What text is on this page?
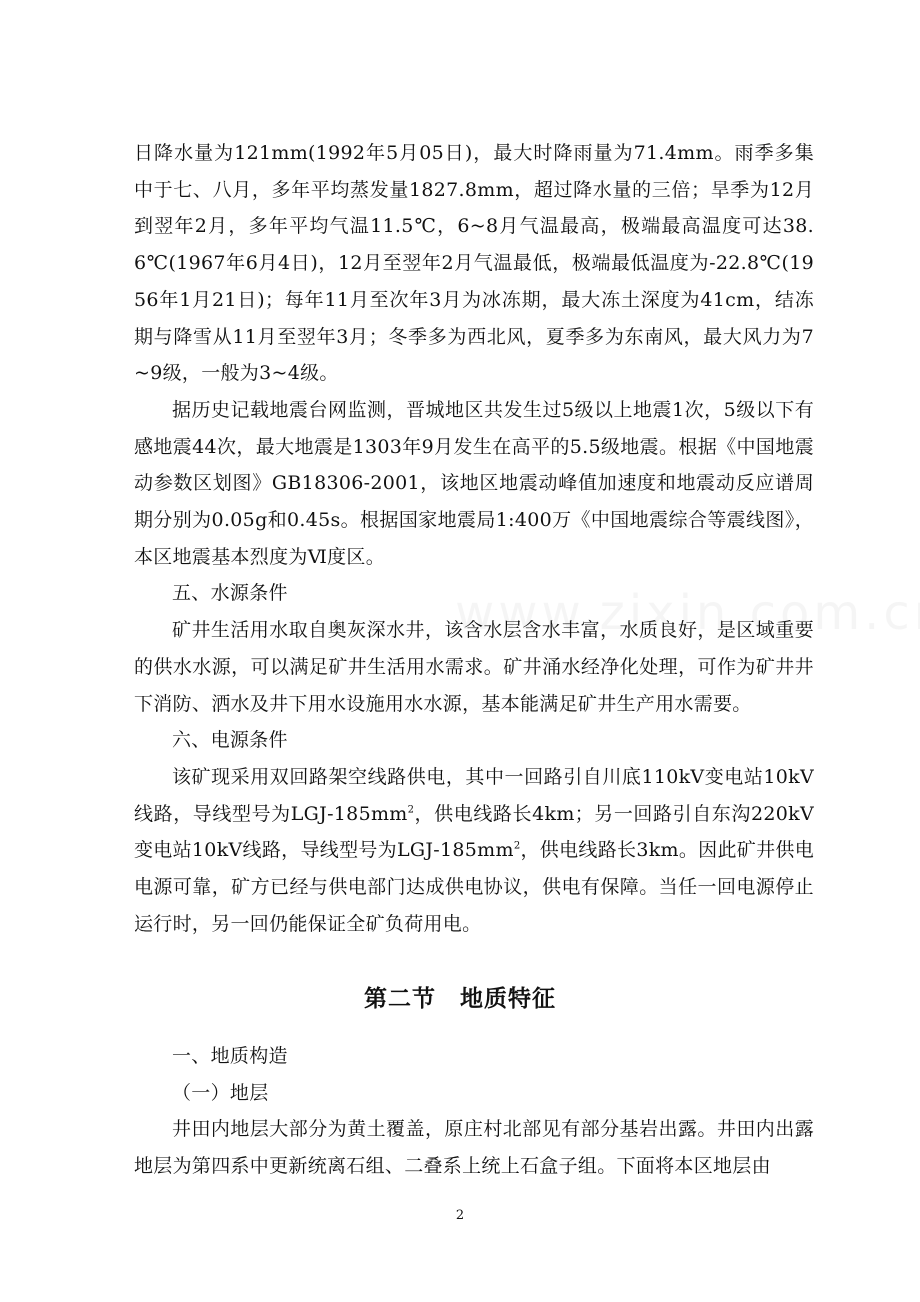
日降水量为121mm(1992年5月05日)，最大时降雨量为71.4mm。雨季多集中于七、八月，多年平均蒸发量1827.8mm，超过降水量的三倍；旱季为12月到翌年2月，多年平均气温11.5℃，6~8月气温最高，极端最高温度可达38.6℃(1967年6月4日)，12月至翌年2月气温最低，极端最低温度为-22.8℃(1956年1月21日)；每年11月至次年3月为冰冻期，最大冻土深度为41cm，结冻期与降雪从11月至翌年3月；冬季多为西北风，夏季多为东南风，最大风力为7~9级，一般为3~4级。

据历史记载地震台网监测，晋城地区共发生过5级以上地震1次，5级以下有感地震44次，最大地震是1303年9月发生在高平的5.5级地震。根据《中国地震动参数区划图》GB18306-2001，该地区地震动峰值加速度和地震动反应谱周期分别为0.05g和0.45s。根据国家地震局1:400万《中国地震综合等震线图》，本区地震基本烈度为Ⅵ度区。

五、水源条件

矿井生活用水取自奥灰深水井，该含水层含水丰富，水质良好，是区域重要的供水水源，可以满足矿井生活用水需求。矿井涌水经净化处理，可作为矿井井下消防、洒水及井下用水设施用水水源，基本能满足矿井生产用水需要。

六、电源条件

该矿现采用双回路架空线路供电，其中一回路引自川底110kV变电站10kV线路，导线型号为LGJ-$185mm^2$，供电线路长4km；另一回路引自东沟220kV变电站10kV线路，导线型号为LGJ-$185mm^2$，供电线路长3km。因此矿井供电电源可靠，矿方已经与供电部门达成供电协议，供电有保障。当任一回电源停止运行时，另一回仍能保证全矿负荷用电。

第二节　地质特征

一、地质构造

（一）地层

井田内地层大部分为黄土覆盖，原庄村北部见有部分基岩出露。井田内出露地层为第四系中更新统离石组、二叠系上统上石盒子组。下面将本区地层由

2
